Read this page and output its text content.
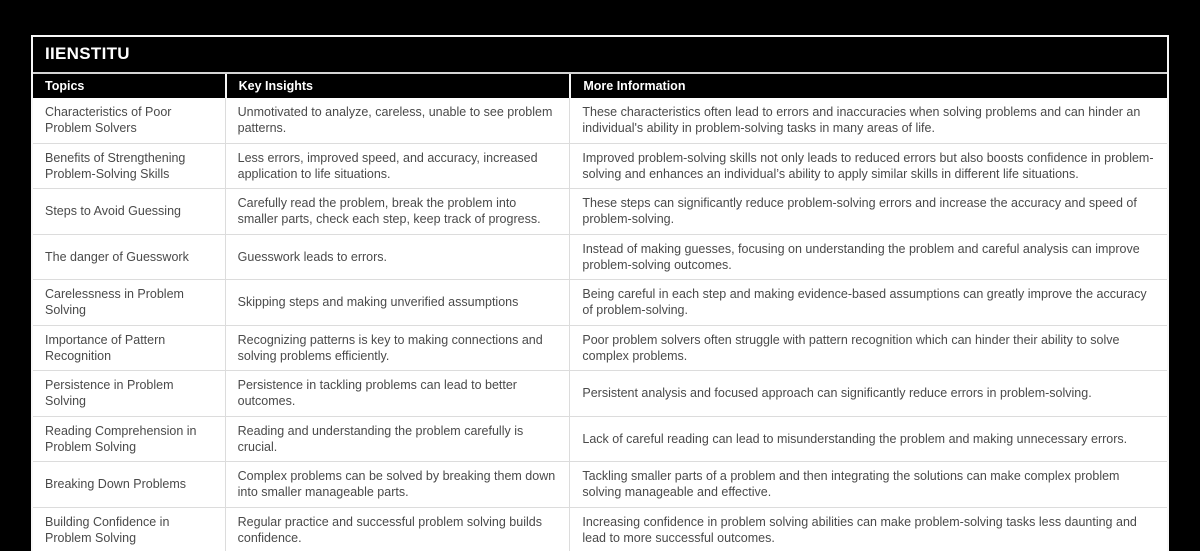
IIENSTITU
Topics	Key Insights	More Information
Characteristics of Poor Problem Solvers	Unmotivated to analyze, careless, unable to see problem patterns.	These characteristics often lead to errors and inaccuracies when solving problems and can hinder an individual's ability in problem-solving tasks in many areas of life.
Benefits of Strengthening Problem-Solving Skills	Less errors, improved speed, and accuracy, increased application to life situations.	Improved problem-solving skills not only leads to reduced errors but also boosts confidence in problem-solving and enhances an individual’s ability to apply similar skills in different life situations.
Steps to Avoid Guessing	Carefully read the problem, break the problem into smaller parts, check each step, keep track of progress.	These steps can significantly reduce problem-solving errors and increase the accuracy and speed of problem-solving.
The danger of Guesswork	Guesswork leads to errors.	Instead of making guesses, focusing on understanding the problem and careful analysis can improve problem-solving outcomes.
Carelessness in Problem Solving	Skipping steps and making unverified assumptions	Being careful in each step and making evidence-based assumptions can greatly improve the accuracy of problem-solving.
Importance of Pattern Recognition	Recognizing patterns is key to making connections and solving problems efficiently.	Poor problem solvers often struggle with pattern recognition which can hinder their ability to solve complex problems.
Persistence in Problem Solving	Persistence in tackling problems can lead to better outcomes.	Persistent analysis and focused approach can significantly reduce errors in problem-solving.
Reading Comprehension in Problem Solving	Reading and understanding the problem carefully is crucial.	Lack of careful reading can lead to misunderstanding the problem and making unnecessary errors.
Breaking Down Problems	Complex problems can be solved by breaking them down into smaller manageable parts.	Tackling smaller parts of a problem and then integrating the solutions can make complex problem solving manageable and effective.
Building Confidence in Problem Solving	Regular practice and successful problem solving builds confidence.	Increasing confidence in problem solving abilities can make problem-solving tasks less daunting and lead to more successful outcomes.
